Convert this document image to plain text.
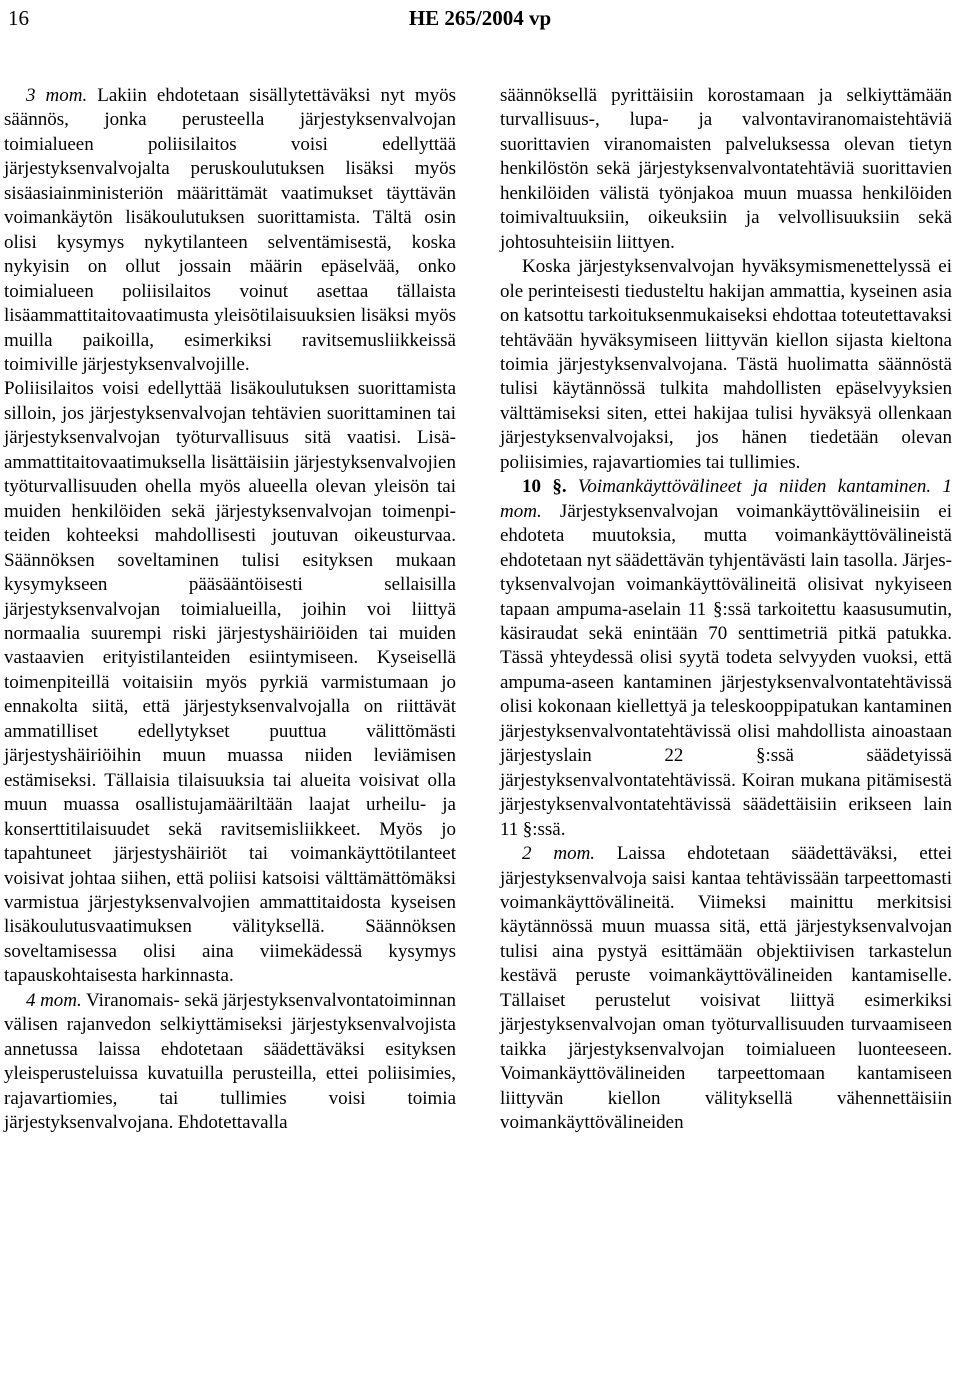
16	HE 265/2004 vp

3 mom. Lakiin ehdotetaan sisällytettäväksi nyt myös säännös, jonka perusteella järjestyksenvalvojan toimialueen poliisilaitos voisi edellyttää järjestyksenvalvojalta peruskoulutuksen lisäksi myös sisäasiainministeriön määrittämät vaatimukset täyttävän voimankäytön lisäkoulutuksen suorittamista. Tältä osin olisi kysymys nykytilanteen selventämisestä, koska nykyisin on ollut jossain määrin epäselvää, onko toimialueen poliisilaitos voinut asettaa tällaista lisäammattitaitovaatimusta yleisötilaisuuksien lisäksi myös muilla paikoilla, esimerkiksi ravitsemusliikkeissä toimiville järjestyksenvalvojille.

Poliisilaitos voisi edellyttää lisäkoulutuksen suorittamista silloin, jos järjestyksenvalvojan tehtävien suorittaminen tai järjestyksenvalvojan työturvallisuus sitä vaatisi. Lisäammattitaitovaatimuksella lisättäisiin järjestyksenvalvojien työturvallisuuden ohella myös alueella olevan yleisön tai muiden henkilöiden sekä järjestyksenvalvojan toimenpiteiden kohteeksi mahdollisesti joutuvan oikeusturvaa. Säännöksen soveltaminen tulisi esityksen mukaan kysymykseen pääsääntöisesti sellaisilla järjestyksenvalvojan toimialueilla, joihin voi liittyä normaalia suurempi riski järjestyshäiriöiden tai muiden vastaavien erityistilanteiden esiintymiseen. Kyseisellä toimenpiteillä voitaisiin myös pyrkiä varmistumaan jo ennakolta siitä, että järjestyksenvalvojalla on riittävät ammatilliset edellytykset puuttua välittömästi järjestyshäiriöihin muun muassa niiden leviämisen estämiseksi. Tällaisia tilaisuuksia tai alueita voisivat olla muun muassa osallistujamääriltään laajat urheilu- ja konserttitilaisuudet sekä ravitsemisliikkeet. Myös jo tapahtuneet järjestyshäiriöt tai voimankäyttötilanteet voisivat johtaa siihen, että poliisi katsoisi välttämättömäksi varmistua järjestyksenvalvojien ammattitaidosta kyseisen lisäkoulutusvaatimuksen välityksellä. Säännöksen soveltamisessa olisi aina viimekädessä kysymys tapauskohtaisesta harkinnasta.

4 mom. Viranomais- sekä järjestyksenvalvontatoiminnan välisen rajanvedon selkiyttämiseksi järjestyksenvalvojista annetussa laissa ehdotetaan säädettäväksi esityksen yleisperusteluissa kuvatuilla perusteilla, ettei poliisimies, rajavartiomies, tai tullimies voisi toimia järjestyksenvalvojana. Ehdotettavalla

säännöksellä pyrittäisiin korostamaan ja selkiyttämään turvallisuus-, lupa- ja valvontaviranomaistehtäviä suorittavien viranomaisten palveluksessa olevan tietyn henkilöstön sekä järjestyksenvalvontatehtäviä suorittavien henkilöiden välistä työnjakoa muun muassa henkilöiden toimivaltuuksiin, oikeuksiin ja velvollisuuksiin sekä johtosuhteisiin liittyen.

Koska järjestyksenvalvojan hyväksymismenettelyssä ei ole perinteisesti tiedusteltu hakijan ammattia, kyseinen asia on katsottu tarkoituksenmukaiseksi ehdottaa toteutettavaksi tehtävään hyväksymiseen liittyvän kiellon sijasta kieltona toimia järjestyksenvalvojana. Tästä huolimatta säännöstä tulisi käytännössä tulkita mahdollisten epäselvyyksien välttämiseksi siten, ettei hakijaa tulisi hyväksyä ollenkaan järjestyksenvalvojaksi, jos hänen tiedetään olevan poliisimies, rajavartiomies tai tullimies.

10 §. Voimankäyttövälineet ja niiden kantaminen. 1 mom. Järjestyksenvalvojan voimankäyttövälineisiin ei ehdoteta muutoksia, mutta voimankäyttövälineistä ehdotetaan nyt säädettävän tyhjentävästi lain tasolla. Järjestyksenvalvojan voimankäyttövälineitä olisivat nykyiseen tapaan ampuma-aselain 11 §:ssä tarkoitettu kaasusumutin, käsiraudat sekä enintään 70 senttimetriä pitkä patukka. Tässä yhteydessä olisi syytä todeta selvyyden vuoksi, että ampuma-aseen kantaminen järjestyksenvalvontatehtävissä olisi kokonaan kiellettyä ja teleskooppipatukan kantaminen järjestyksenvalvontatehtävissä olisi mahdollista ainoastaan järjestyslain 22 §:ssä säädetyissä järjestyksenvalvontatehtävissä. Koiran mukana pitämisestä järjestyksenvalvontatehtävissä säädettäisiin erikseen lain 11 §:ssä.

2 mom. Laissa ehdotetaan säädettäväksi, ettei järjestyksenvalvoja saisi kantaa tehtävissään tarpeettomasti voimankäyttövälineitä. Viimeksi mainittu merkitsisi käytännössä muun muassa sitä, että järjestyksenvalvojan tulisi aina pystyä esittämään objektiivisen tarkastelun kestävä peruste voimankäyttövälineiden kantamiselle. Tällaiset perustelut voisivat liittyä esimerkiksi järjestyksenvalvojan oman työturvallisuuden turvaamiseen taikka järjestyksenvalvojan toimialueen luonteeseen. Voimankäyttövälineiden tarpeettomaan kantamiseen liittyvän kiellon välityksellä vähennettäisiin voimankäyttövälineiden
